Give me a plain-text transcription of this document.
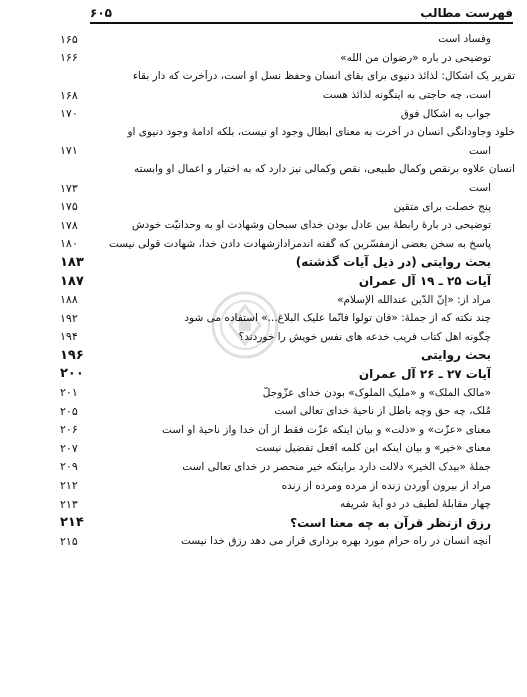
فهرست مطالب
۶۰۵
وفساد است
۱۶۵
توضیحی در باره «رضوان من الله»
۱۶۶
تقریر یک اشکال: لذائذ دنیوی برای بقای انسان وحفظ نسل او است، درآخرت که دار بقاء
است، چه حاجتی به اینگونه لذائذ هست
۱۶۸
جواب به اشکال فوق
۱۷۰
خلود وجاودانگی انسان در آخرت به معنای ابطال وجود او نیست، بلکه ادامهٔ وجود دنیوی او
است
۱۷۱
انسان علاوه برنقص وکمال طبیعی، نقص وکمالی نیز دارد که به اختیار و اعمال او وابسته
است
۱۷۳
پنج خصلت برای متقین
۱۷۵
توضیحی در بارهٔ رابطهٔ بین عادل بودن خدای سبحان وشهادت او به وحدانیّت خودش
۱۷۸
پاسخ به سخن بعضی ازمفسّرین که گفته اندمرادازشهادت دادن خدا، شهادت قولی نیست
۱۸۰
بحث روایتی (در ذیل آیات گذشته)
۱۸۳
آیات ۲۵ ـ ۱۹ آل عمران
۱۸۷
مراد از: «إنّ الدّین عندالله الإسلام»
۱۸۸
چند نکته که از جملهٔ: «فان تولّوا فانّما علیک البلاغ...» استفاده می شود
۱۹۲
چگونه اهل کتاب فریب خدعه های نفس خویش را خوردند؟
۱۹۴
بحث روایتی
۱۹۶
آیات ۲۷ ـ ۲۶ آل عمران
۲۰۰
«مالک الملک» و «ملیک الملوک» بودن خدای عزّوجلّ
۲۰۱
مُلک، چه حق وچه باطل از ناحیهٔ خدای تعالی است
۲۰۵
معنای «عزّت» و «ذلّت» و بیان اینکه عزّت فقط از آن خدا واز ناحیهٔ او است
۲۰۶
معنای «خیر» و بیان اینکه این کلمه افعل تفضیل نیست
۲۰۷
جملهٔ «بیدک الخیر» دلالت دارد براینکه خیر منحصر در خدای تعالی است
۲۰۹
مراد از بیرون آوردن زنده از مرده ومرده از زنده
۲۱۲
چهار مقابلهٔ لطیف در دو آیهٔ شریفه
۲۱۳
رزق ازنظر قرآن به چه معنا است؟
۲۱۴
آنچه انسان در راه حرام مورد بهره برداری قرار می دهد رزق خدا نیست
۲۱۵
